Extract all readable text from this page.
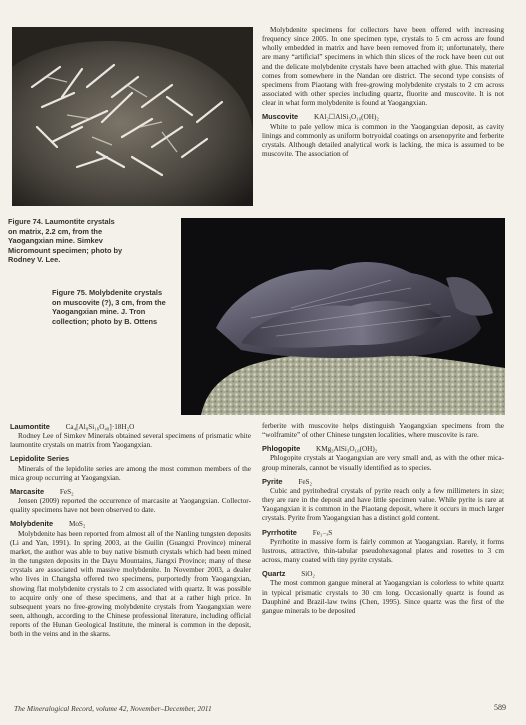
Figure 74. Laumontite crystals
on matrix, 2.2 cm, from the
Yaogangxian mine. Simkev
Micromount specimen; photo by
Rodney V. Lee.
Figure 75. Molybdenite crystals
on muscovite (?), 3 cm, from the
Yaogangxian mine. J. Tron
collection; photo by B. Ottens

Molybdenite specimens for collectors have been offered with increasing frequency since 2005. In one specimen type, crystals to 5 cm across are found wholly embedded in matrix and have been removed from it; unfortunately, there are many “artificial” specimens in which thin slices of the rock have been cut out and the delicate molybdenite crystals have been attached with glue. This material comes from somewhere in the Nandan ore district. The second type consists of specimens from Piaotang with free-growing molybdenite crystals to 2 cm across associated with other species including quartz, fluorite and muscovite. It is not clear in what form molybdenite is found at Yaogangxian.

Muscovite KAl₂☐AlSi₃O₁₀(OH)₂

White to pale yellow mica is common in the Yaogangxian deposit, as cavity linings and commonly as uniform botryoidal coatings on arsenopyrite and ferberite crystals. Although detailed analytical work is lacking, the mica is assumed to be muscovite. The association of

Laumontite Ca₄[Al₈Si₁₆O₄₈]·18H₂O

Rodney Lee of Simkev Minerals obtained several specimens of prismatic white laumontite crystals on matrix from Yaogangxian.

Lepidolite Series

Minerals of the lepidolite series are among the most common members of the mica group occurring at Yaogangxian.

Marcasite FeS₂

Jensen (2009) reported the occurrence of marcasite at Yaogangxian. Collector-quality specimens have not been observed to date.

Molybdenite MoS₂

Molybdenite has been reported from almost all of the Nanling tungsten deposits (Li and Yan, 1991). In spring 2003, at the Guilin (Guangxi Province) mineral market, the author was able to buy native bismuth crystals which had been mined in the tungsten deposits in the Dayu Mountains, Jiangxi Province; many of these crystals are associated with massive molybdenite. In November 2003, a dealer who lives in Changsha offered two specimens, purportedly from Yaogangxian, showing flat molybdenite crystals to 2 cm associated with quartz. It was possible to acquire only one of these specimens, and that at a rather high price. In subsequent years no free-growing molybdenite crystals from Yaogangxian were seen, although, according to the Chinese professional literature, including official reports of the Hunan Geological Institute, the mineral is common in the deposit, both in the veins and in the skarns.

ferberite with muscovite helps distinguish Yaogangxian specimens from the “wolframite” of other Chinese tungsten localities, where muscovite is rare.

Phlogopite KMg₃AlSi₃O₁₀(OH)₂

Phlogopite crystals at Yaogangxian are very small and, as with the other mica-group minerals, cannot be visually identified as to species.

Pyrite FeS₂

Cubic and pyritohedral crystals of pyrite reach only a few millimeters in size; they are rare in the deposit and have little specimen value. While pyrite is rare at Yaogangxian it is common in the Piaotang deposit, where it occurs in much larger crystals. Pyrite from Yaogangxian has a distinct gold content.

Pyrrhotite Fe₁₋ₓS

Pyrrhotite in massive form is fairly common at Yaogangxian. Rarely, it forms lustrous, attractive, thin-tabular pseudohexagonal plates and rosettes to 3 cm across, many coated with tiny pyrite crystals.

Quartz SiO₂

The most common gangue mineral at Yaogangxian is colorless to white quartz in typical prismatic crystals to 30 cm long. Occasionally quartz is found as Dauphiné and Brazil-law twins (Chen, 1995). Since quartz was the first of the gangue minerals to be deposited

The Mineralogical Record, volume 42, November–December, 2011	589
